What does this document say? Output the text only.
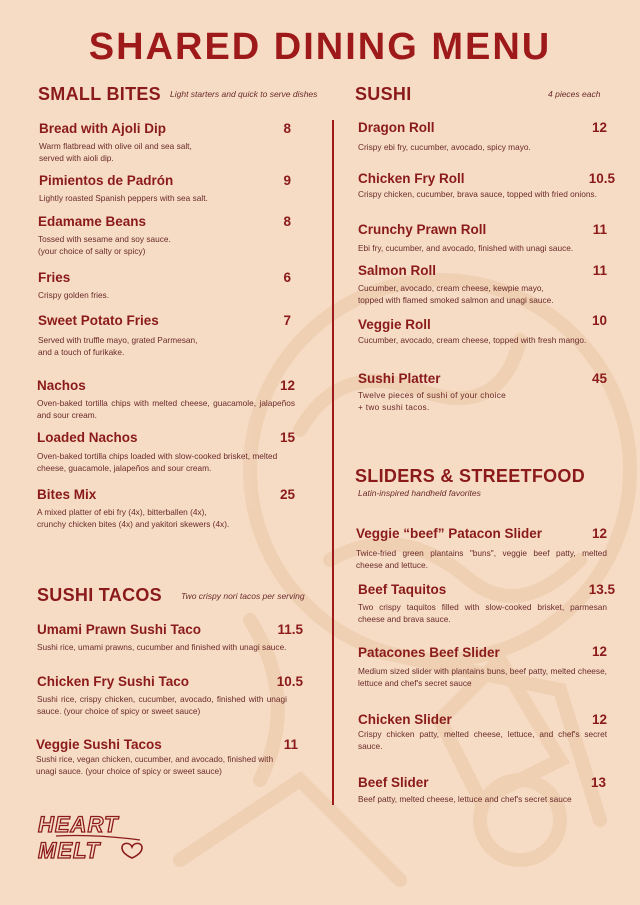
SHARED DINING MENU
SMALL BITES Light starters and quick to serve dishes
Bread with Ajoli Dip	8
Warm flatbread with olive oil and sea salt,
served with aioli dip.
Pimientos de Padrón	9
Lightly roasted Spanish peppers with sea salt.
Edamame Beans	8
Tossed with sesame and soy sauce.
(your choice of salty or spicy)
Fries	6
Crispy golden fries.
Sweet Potato Fries	7
Served with truffle mayo, grated Parmesan,
and a touch of furikake.
Nachos	12
Oven-baked tortilla chips with melted cheese, guacamole, jalapeños and sour cream.
Loaded Nachos	15
Oven-baked tortilla chips loaded with slow-cooked brisket, melted cheese, guacamole, jalapeños and sour cream.
Bites Mix	25
A mixed platter of ebi fry (4x), bitterballen (4x),
crunchy chicken bites (4x) and yakitori skewers (4x).
SUSHI TACOS Two crispy nori tacos per serving
Umami Prawn Sushi Taco	11.5
Sushi rice, umami prawns, cucumber and finished with unagi sauce.
Chicken Fry Sushi Taco	10.5
Sushi rice, crispy chicken, cucumber, avocado, finished with unagi sauce. (your choice of spicy or sweet sauce)
Veggie Sushi Tacos	11
Sushi rice, vegan chicken, cucumber, and avocado, finished with unagi sauce. (your choice of spicy or sweet sauce)
SUSHI	4 pieces each
Dragon Roll	12
Crispy ebi fry, cucumber, avocado, spicy mayo.
Chicken Fry Roll	10.5
Crispy chicken, cucumber, brava sauce, topped with fried onions.
Crunchy Prawn Roll	11
Ebi fry, cucumber, and avocado, finished with unagi sauce.
Salmon Roll	11
Cucumber, avocado, cream cheese, kewpie mayo,
topped with flamed smoked salmon and unagi sauce.
Veggie Roll	10
Cucumber, avocado, cream cheese, topped with fresh mango.
Sushi Platter	45
Twelve pieces of sushi of your choice
+ two sushi tacos.
SLIDERS & STREETFOOD
Latin-inspired handheld favorites
Veggie “beef” Patacon Slider	12
Twice-fried green plantains "buns", veggie beef patty, melted cheese and lettuce.
Beef Taquitos	13.5
Two crispy taquitos filled with slow-cooked brisket, parmesan cheese and brava sauce.
Patacones Beef Slider	12
Medium sized slider with plantains buns, beef patty, melted cheese, lettuce and chef's secret sauce
Chicken Slider	12
Crispy chicken patty, melted cheese, lettuce, and chef's secret sauce.
Beef Slider	13
Beef patty, melted cheese, lettuce and chef's secret sauce
HEART
MELT
